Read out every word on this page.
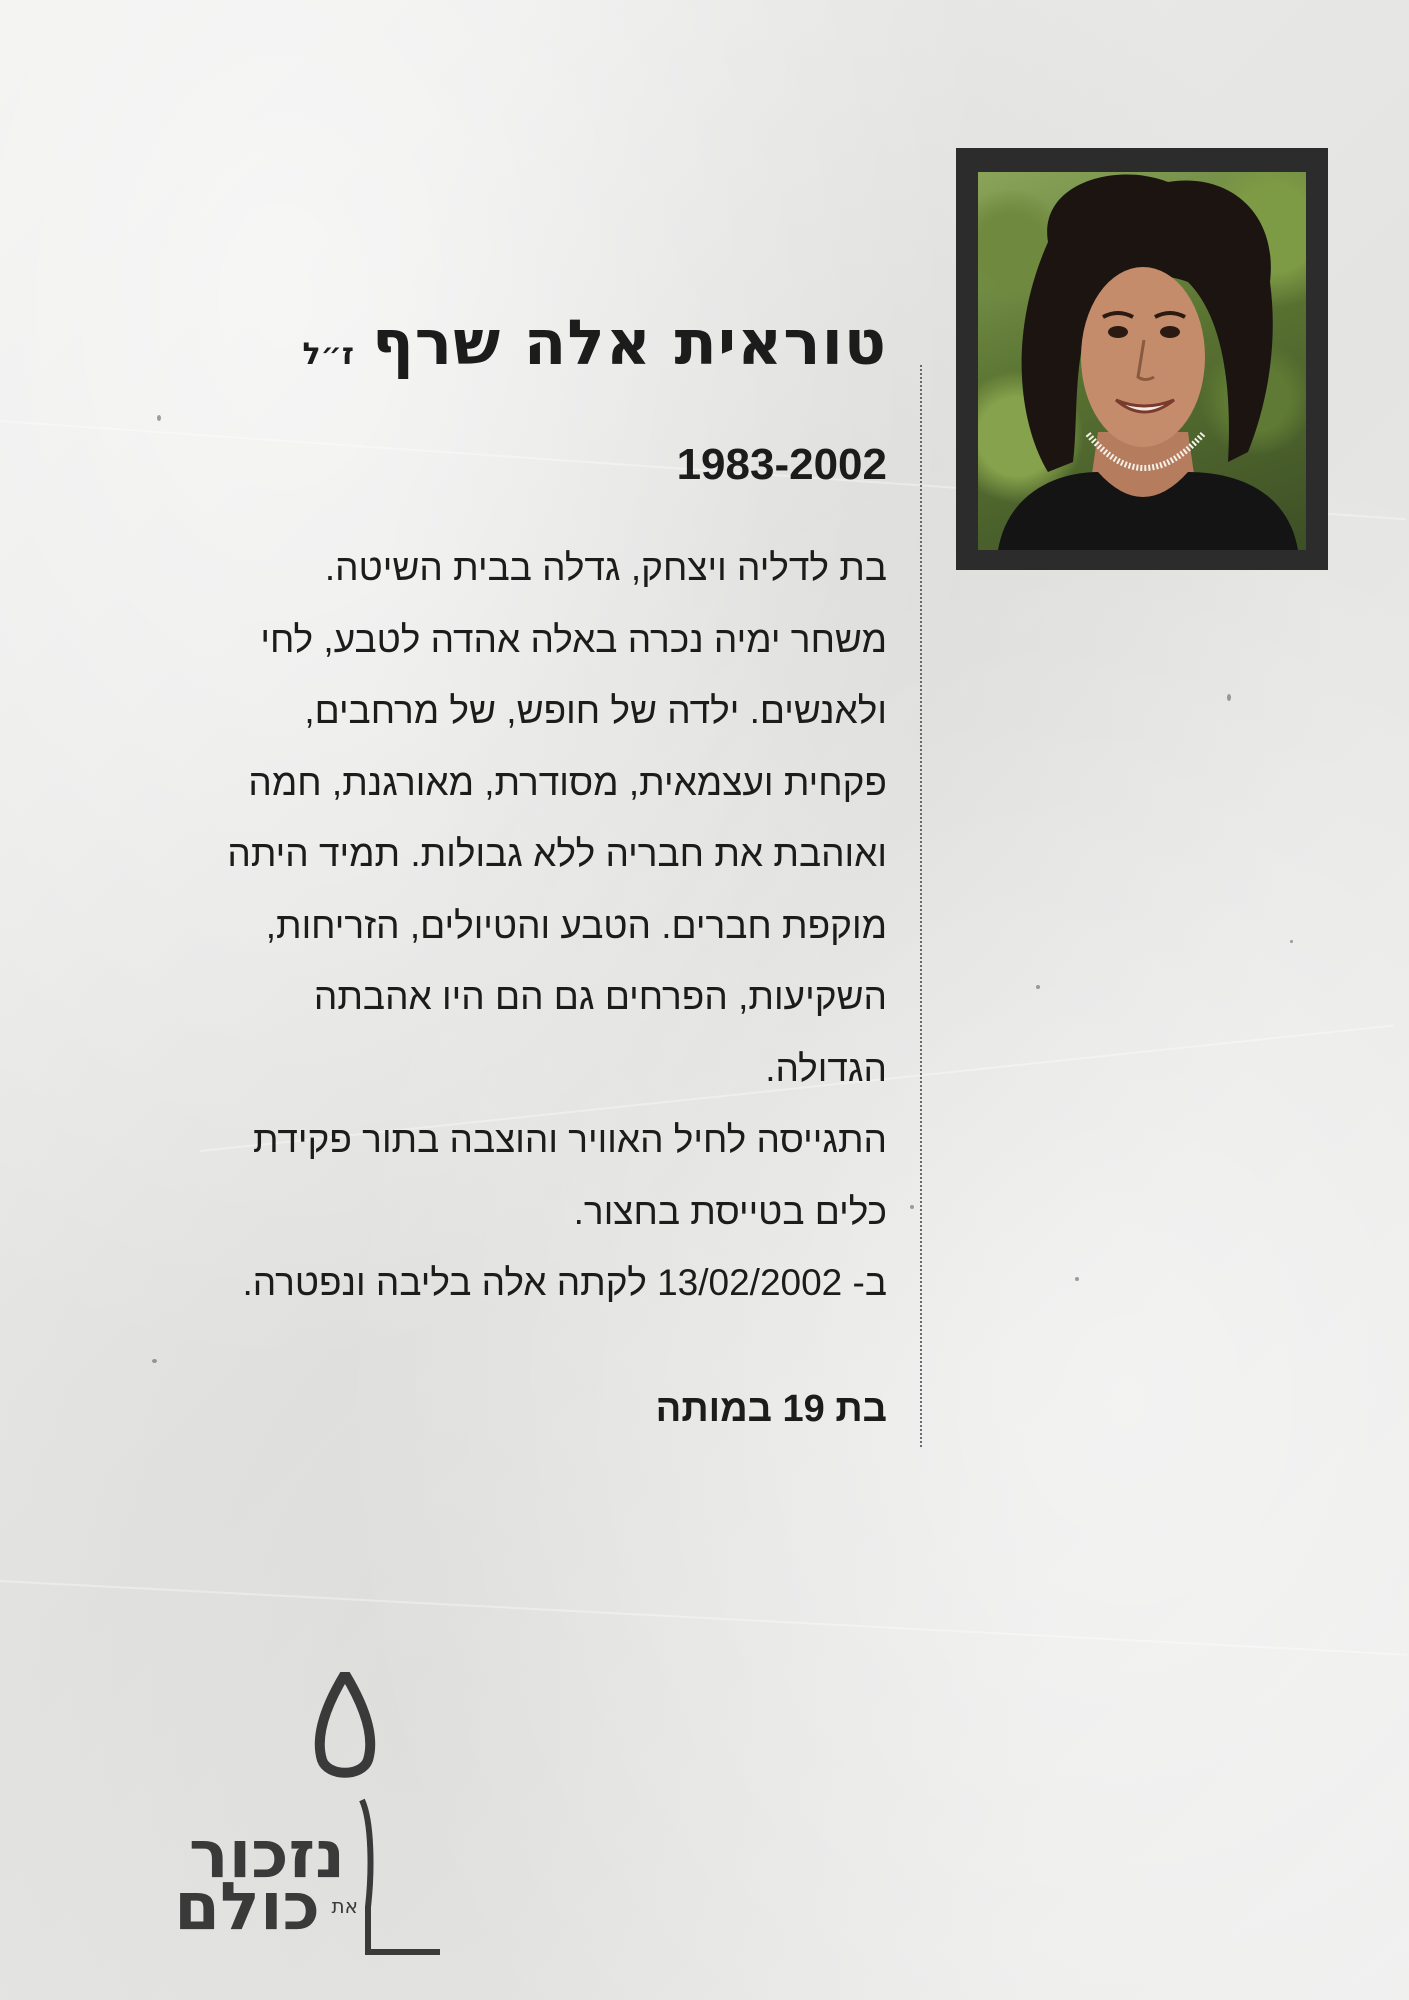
טוראית אלה שרף
ז״ל
1983-2002

בת לדליה ויצחק, גדלה בבית השיטה.

משחר ימיה נכרה באלה אהדה לטבע, לחי

ולאנשים. ילדה של חופש, של מרחבים,

פקחית ועצמאית, מסודרת, מאורגנת, חמה

ואוהבת את חבריה ללא גבולות. תמיד היתה

מוקפת חברים. הטבע והטיולים, הזריחות,

השקיעות, הפרחים גם הם היו אהבתה

הגדולה.

התגייסה לחיל האוויר והוצבה בתור פקידת

כלים בטייסת בחצור.

ב- 13/02/2002 לקתה אלה בליבה ונפטרה.

בת 19 במותה
נזכור
את
כולם
